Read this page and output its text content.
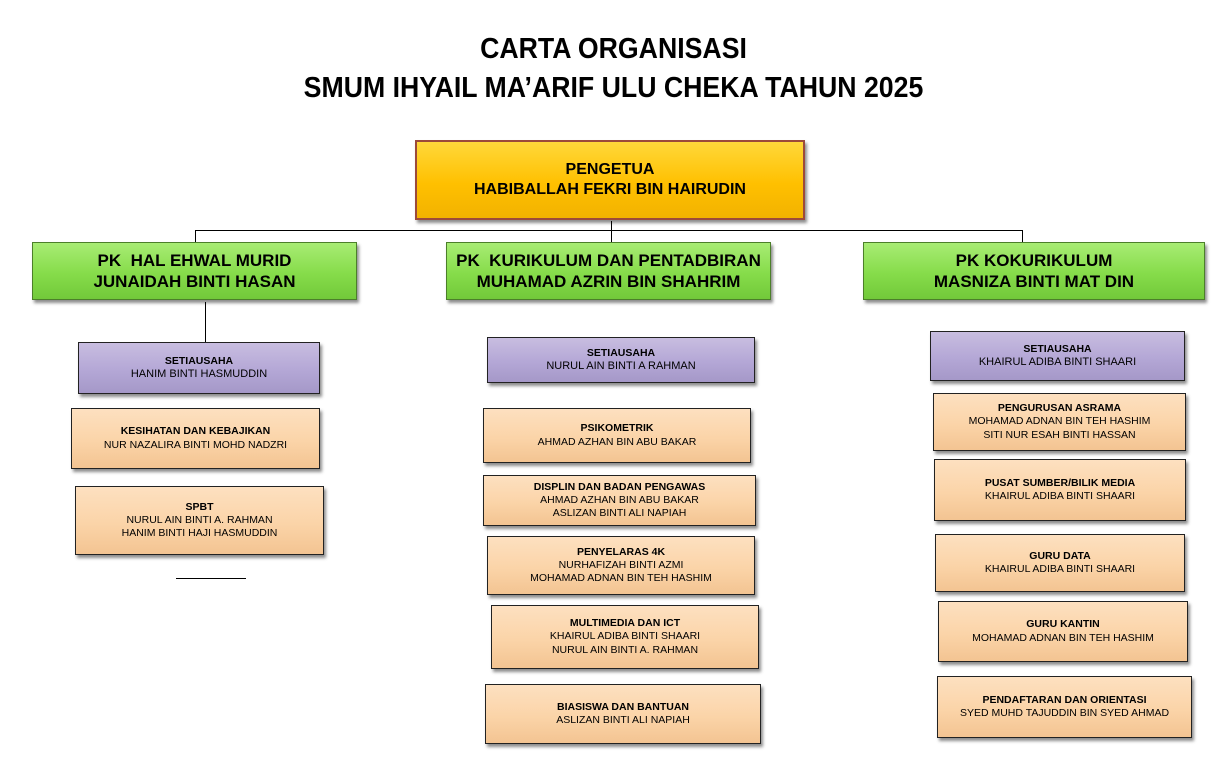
CARTA ORGANISASI
SMUM IHYAIL MA’ARIF ULU CHEKA TAHUN 2025
PENGETUA
HABIBALLAH FEKRI BIN HAIRUDIN
PK  HAL EHWAL MURID
JUNAIDAH BINTI HASAN
PK  KURIKULUM DAN PENTADBIRAN
MUHAMAD AZRIN BIN SHAHRIM
PK KOKURIKULUM
MASNIZA BINTI MAT DIN
SETIAUSAHA
HANIM BINTI HASMUDDIN
KESIHATAN DAN KEBAJIKAN
NUR NAZALIRA BINTI MOHD NADZRI
SPBT
NURUL AIN BINTI A. RAHMAN
HANIM BINTI HAJI HASMUDDIN
SETIAUSAHA
NURUL AIN BINTI A RAHMAN
PSIKOMETRIK
AHMAD AZHAN BIN ABU BAKAR
DISPLIN DAN BADAN PENGAWAS
AHMAD AZHAN BIN ABU BAKAR
ASLIZAN BINTI ALI NAPIAH
PENYELARAS 4K
NURHAFIZAH BINTI AZMI
MOHAMAD ADNAN BIN TEH HASHIM
MULTIMEDIA DAN ICT
KHAIRUL ADIBA BINTI SHAARI
NURUL AIN BINTI A. RAHMAN
BIASISWA DAN BANTUAN
ASLIZAN BINTI ALI NAPIAH
SETIAUSAHA
KHAIRUL ADIBA BINTI SHAARI
PENGURUSAN ASRAMA
MOHAMAD ADNAN BIN TEH HASHIM
SITI NUR ESAH BINTI HASSAN
PUSAT SUMBER/BILIK MEDIA
KHAIRUL ADIBA BINTI SHAARI
GURU DATA
KHAIRUL ADIBA BINTI SHAARI
GURU KANTIN
MOHAMAD ADNAN BIN TEH HASHIM
PENDAFTARAN DAN ORIENTASI
SYED MUHD TAJUDDIN BIN SYED AHMAD
